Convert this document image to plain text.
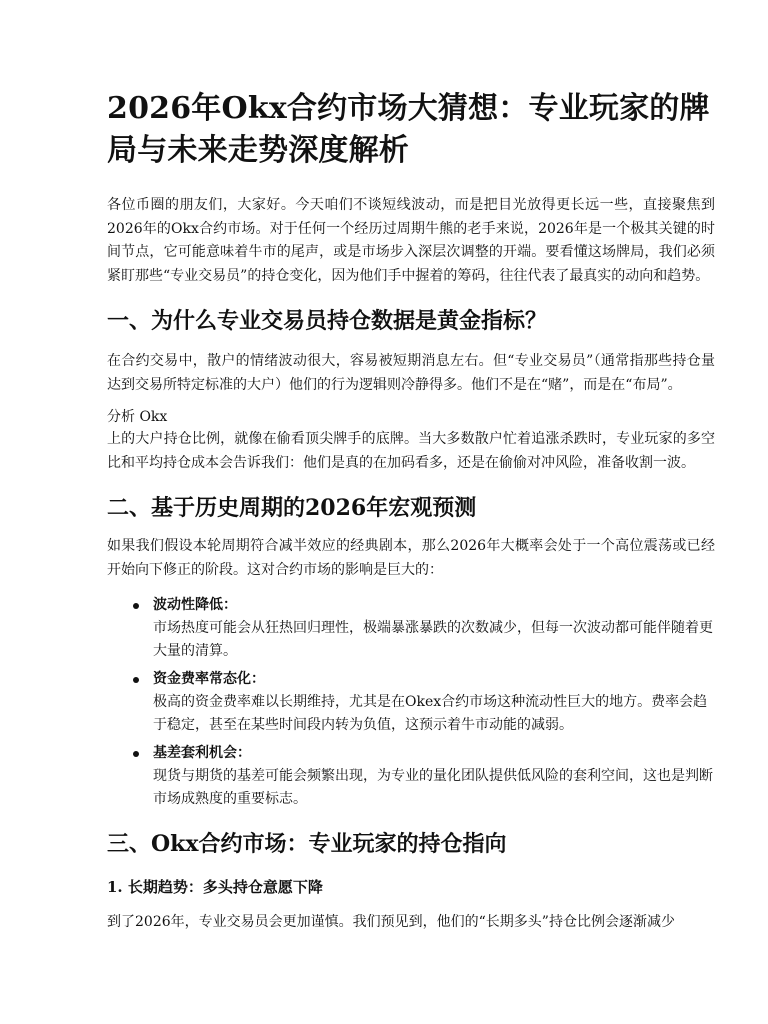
2026年Okx合约市场大猜想：专业玩家的牌局与未来走势深度解析

各位币圈的朋友们，大家好。今天咱们不谈短线波动，而是把目光放得更长远一些，直接聚焦到2026年的Okx合约市场。对于任何一个经历过周期牛熊的老手来说，2026年是一个极其关键的时间节点，它可能意味着牛市的尾声，或是市场步入深层次调整的开端。要看懂这场牌局，我们必须紧盯那些“专业交易员”的持仓变化，因为他们手中握着的筹码，往往代表了最真实的动向和趋势。

一、为什么专业交易员持仓数据是黄金指标？

在合约交易中，散户的情绪波动很大，容易被短期消息左右。但“专业交易员”（通常指那些持仓量达到交易所特定标准的大户）他们的行为逻辑则冷静得多。他们不是在“赌”，而是在“布局”。

分析 Okx

上的大户持仓比例，就像在偷看顶尖牌手的底牌。当大多数散户忙着追涨杀跌时，专业玩家的多空比和平均持仓成本会告诉我们：他们是真的在加码看多，还是在偷偷对冲风险，准备收割一波。

二、基于历史周期的2026年宏观预测

如果我们假设本轮周期符合减半效应的经典剧本，那么2026年大概率会处于一个高位震荡或已经开始向下修正的阶段。这对合约市场的影响是巨大的：

波动性降低：
市场热度可能会从狂热回归理性，极端暴涨暴跌的次数减少，但每一次波动都可能伴随着更大量的清算。
资金费率常态化：
极高的资金费率难以长期维持，尤其是在Okex合约市场这种流动性巨大的地方。费率会趋于稳定，甚至在某些时间段内转为负值，这预示着牛市动能的减弱。
基差套利机会：
现货与期货的基差可能会频繁出现，为专业的量化团队提供低风险的套利空间，这也是判断市场成熟度的重要标志。
三、Okx合约市场：专业玩家的持仓指向
1. 长期趋势：多头持仓意愿下降

到了2026年，专业交易员会更加谨慎。我们预见到，他们的“长期多头”持仓比例会逐渐减少
